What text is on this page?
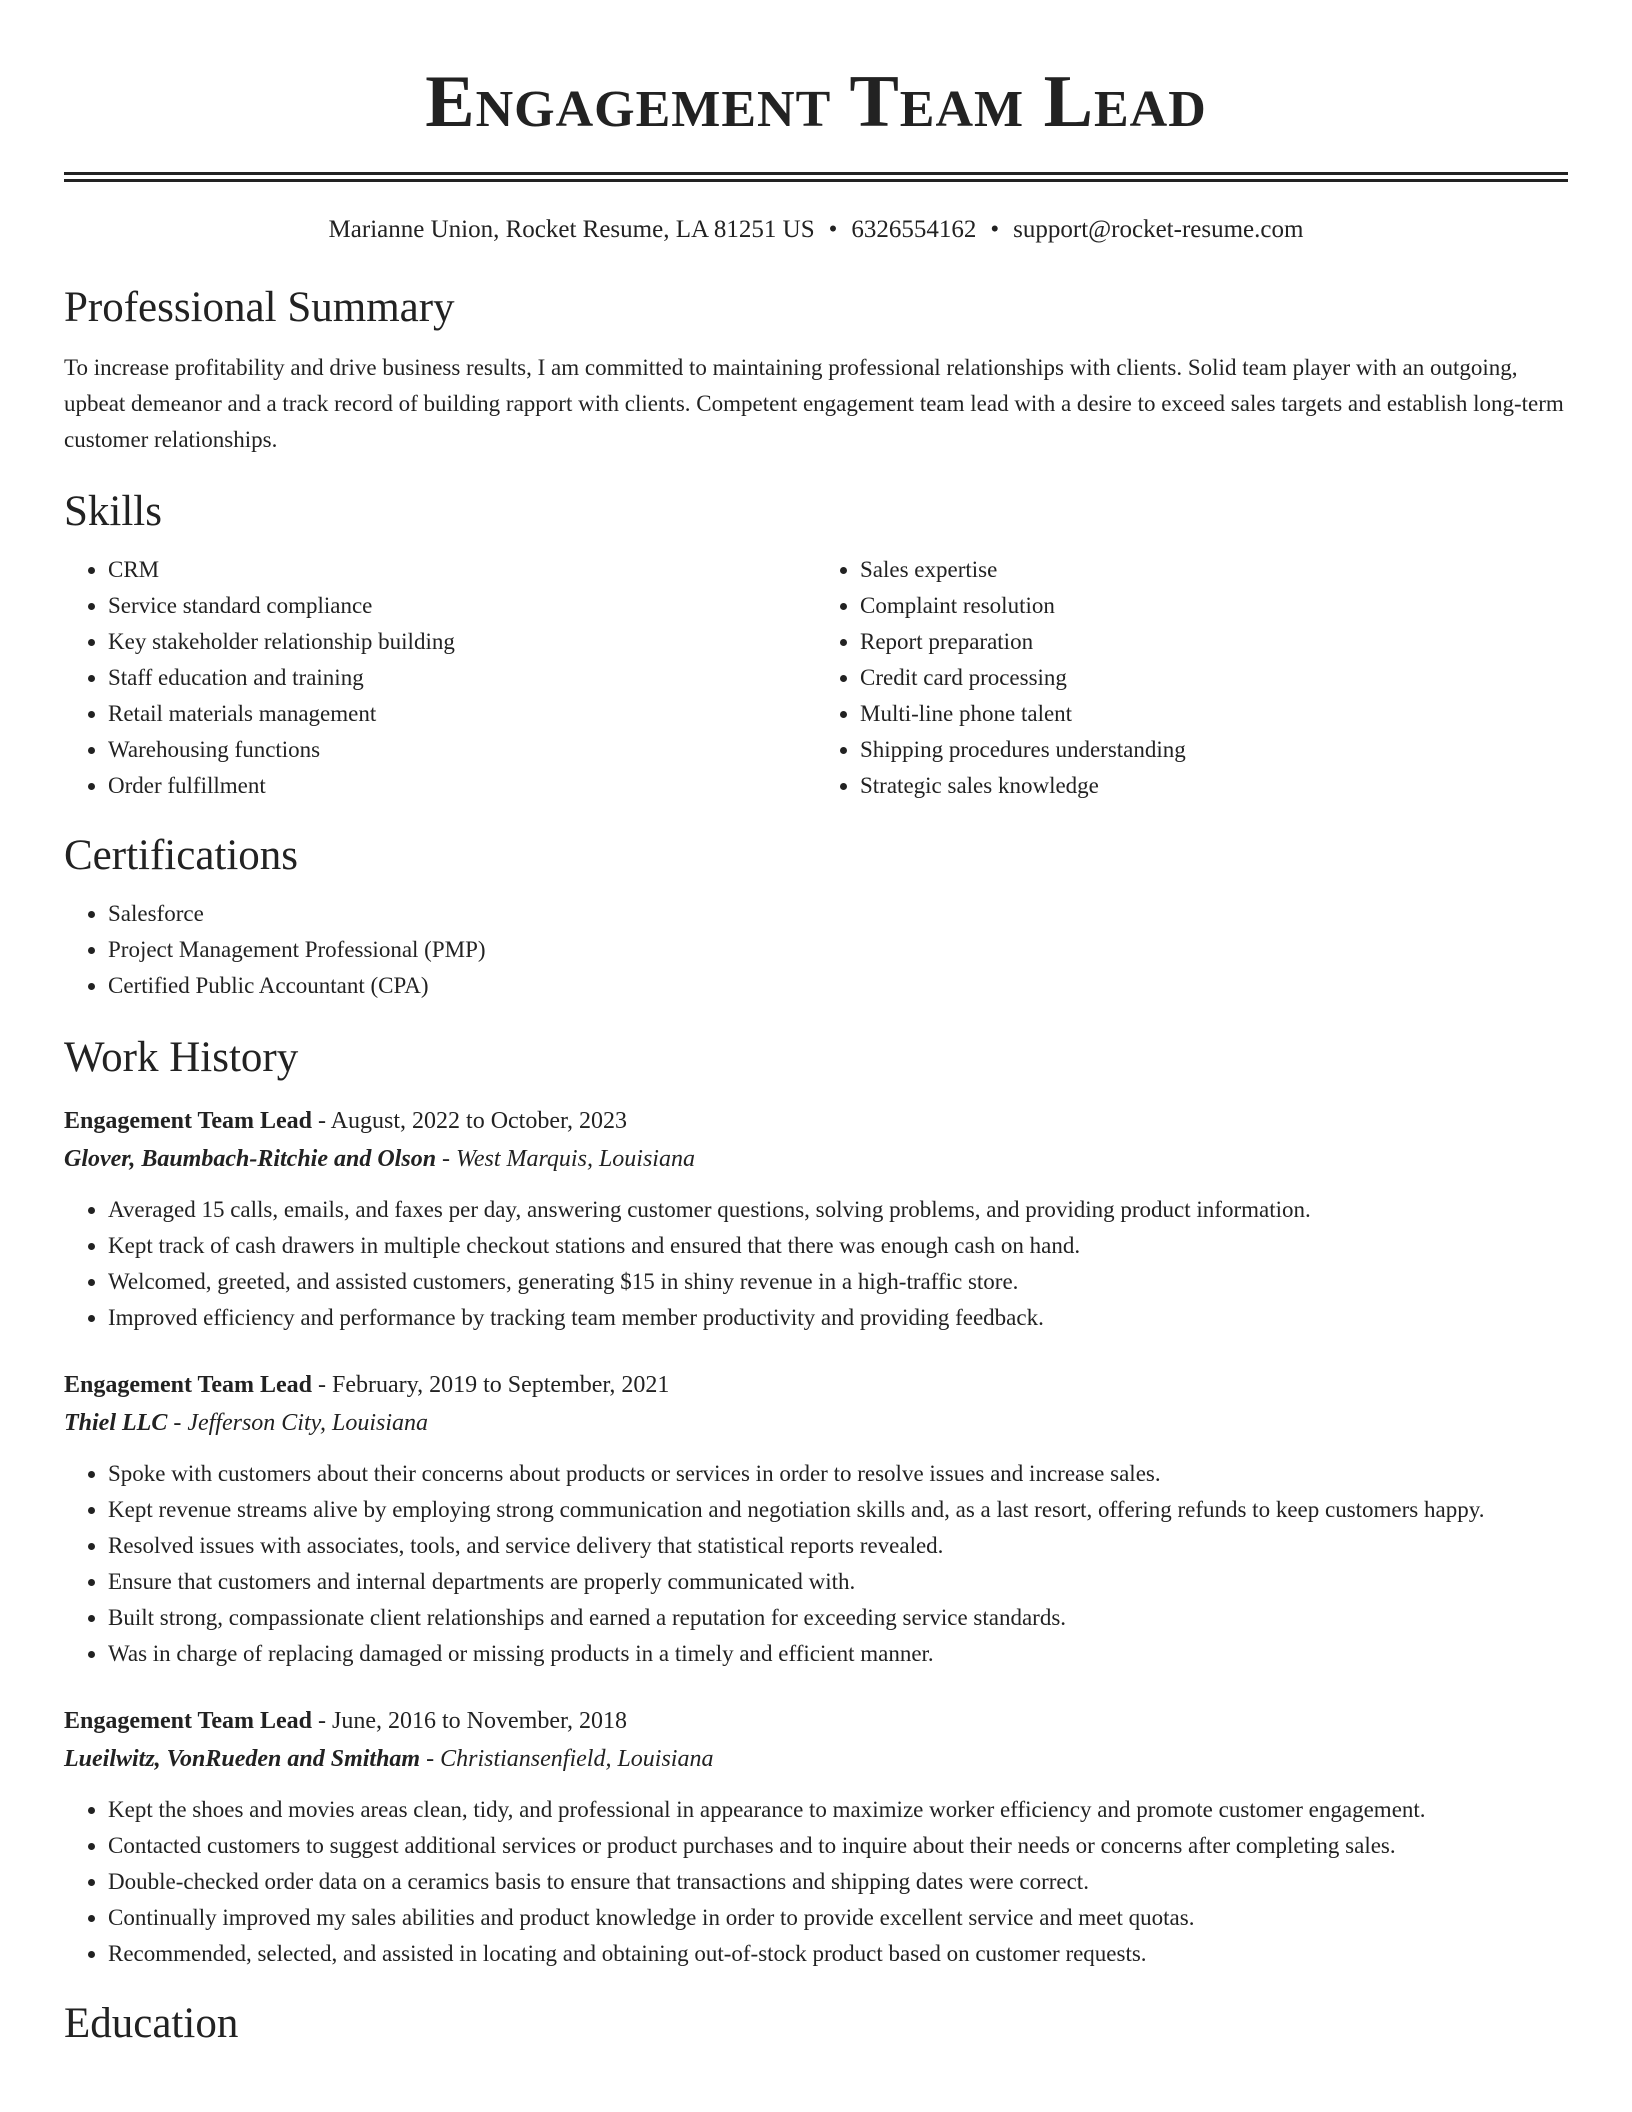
Engagement Team Lead
Marianne Union, Rocket Resume, LA 81251 US • 6326554162 • support@rocket-resume.com
Professional Summary

To increase profitability and drive business results, I am committed to maintaining professional relationships with clients. Solid team player with an outgoing, upbeat demeanor and a track record of building rapport with clients. Competent engagement team lead with a desire to exceed sales targets and establish long-term customer relationships.

Skills
• CRM
• Service standard compliance
• Key stakeholder relationship building
• Staff education and training
• Retail materials management
• Warehousing functions
• Order fulfillment
• Sales expertise
• Complaint resolution
• Report preparation
• Credit card processing
• Multi-line phone talent
• Shipping procedures understanding
• Strategic sales knowledge
Certifications
• Salesforce
• Project Management Professional (PMP)
• Certified Public Accountant (CPA)
Work History
Engagement Team Lead - August, 2022 to October, 2023
Glover, Baumbach-Ritchie and Olson - West Marquis, Louisiana
• Averaged 15 calls, emails, and faxes per day, answering customer questions, solving problems, and providing product information.
• Kept track of cash drawers in multiple checkout stations and ensured that there was enough cash on hand.
• Welcomed, greeted, and assisted customers, generating $15 in shiny revenue in a high-traffic store.
• Improved efficiency and performance by tracking team member productivity and providing feedback.
Engagement Team Lead - February, 2019 to September, 2021
Thiel LLC - Jefferson City, Louisiana
• Spoke with customers about their concerns about products or services in order to resolve issues and increase sales.
• Kept revenue streams alive by employing strong communication and negotiation skills and, as a last resort, offering refunds to keep customers happy.
• Resolved issues with associates, tools, and service delivery that statistical reports revealed.
• Ensure that customers and internal departments are properly communicated with.
• Built strong, compassionate client relationships and earned a reputation for exceeding service standards.
• Was in charge of replacing damaged or missing products in a timely and efficient manner.
Engagement Team Lead - June, 2016 to November, 2018
Lueilwitz, VonRueden and Smitham - Christiansenfield, Louisiana
• Kept the shoes and movies areas clean, tidy, and professional in appearance to maximize worker efficiency and promote customer engagement.
• Contacted customers to suggest additional services or product purchases and to inquire about their needs or concerns after completing sales.
• Double-checked order data on a ceramics basis to ensure that transactions and shipping dates were correct.
• Continually improved my sales abilities and product knowledge in order to provide excellent service and meet quotas.
• Recommended, selected, and assisted in locating and obtaining out-of-stock product based on customer requests.
Education
